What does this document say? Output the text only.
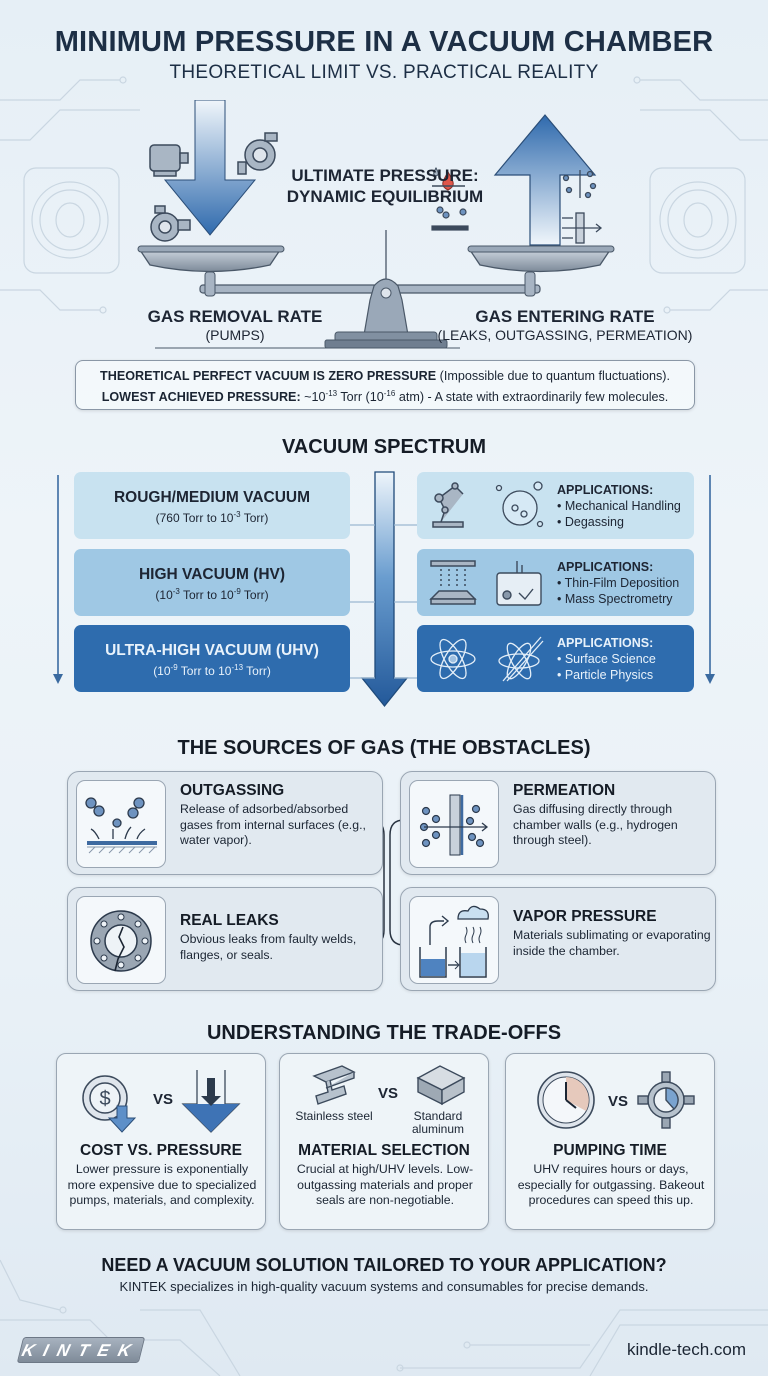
MINIMUM PRESSURE IN A VACUUM CHAMBER
THEORETICAL LIMIT VS. PRACTICAL REALITY
ULTIMATE PRESSURE:
DYNAMIC EQUILIBRIUM
GAS REMOVAL RATE
(PUMPS)
GAS ENTERING RATE
(LEAKS, OUTGASSING, PERMEATION)
THEORETICAL PERFECT VACUUM IS ZERO PRESSURE (Impossible due to quantum fluctuations).
LOWEST ACHIEVED PRESSURE: $\sim 10^{-13}$ Torr ($10^{-16}$ atm) - A state with extraordinarily few molecules.
VACUUM SPECTRUM
ROUGH/MEDIUM VACUUM
(760 Torr to $10^{-3}$ Torr)
HIGH VACUUM (HV)
($10^{-3}$ Torr to $10^{-9}$ Torr)
ULTRA-HIGH VACUUM (UHV)
($10^{-9}$ Torr to $10^{-13}$ Torr)
APPLICATIONS:
• Mechanical Handling
• Degassing
APPLICATIONS:
• Thin-Film Deposition
• Mass Spectrometry
APPLICATIONS:
• Surface Science
• Particle Physics
THE SOURCES OF GAS (THE OBSTACLES)
OUTGASSING
Release of adsorbed/absorbed gases from internal surfaces (e.g., water vapor).
PERMEATION
Gas diffusing directly through chamber walls (e.g., hydrogen through steel).
REAL LEAKS
Obvious leaks from faulty welds, flanges, or seals.
VAPOR PRESSURE
Materials sublimating or evaporating inside the chamber.
UNDERSTANDING THE TRADE-OFFS
$	VS
COST VS. PRESSURE
Lower pressure is exponentially more expensive due to specialized pumps, materials, and complexity.
VS
Stainless steel	Standard aluminum
MATERIAL SELECTION
Crucial at high/UHV levels. Low-outgassing materials and proper seals are non-negotiable.
VS
PUMPING TIME
UHV requires hours or days, especially for outgassing. Bakeout procedures can speed this up.
NEED A VACUUM SOLUTION TAILORED TO YOUR APPLICATION?
KINTEK specializes in high-quality vacuum systems and consumables for precise demands.
KINTEK	kindle-tech.com
